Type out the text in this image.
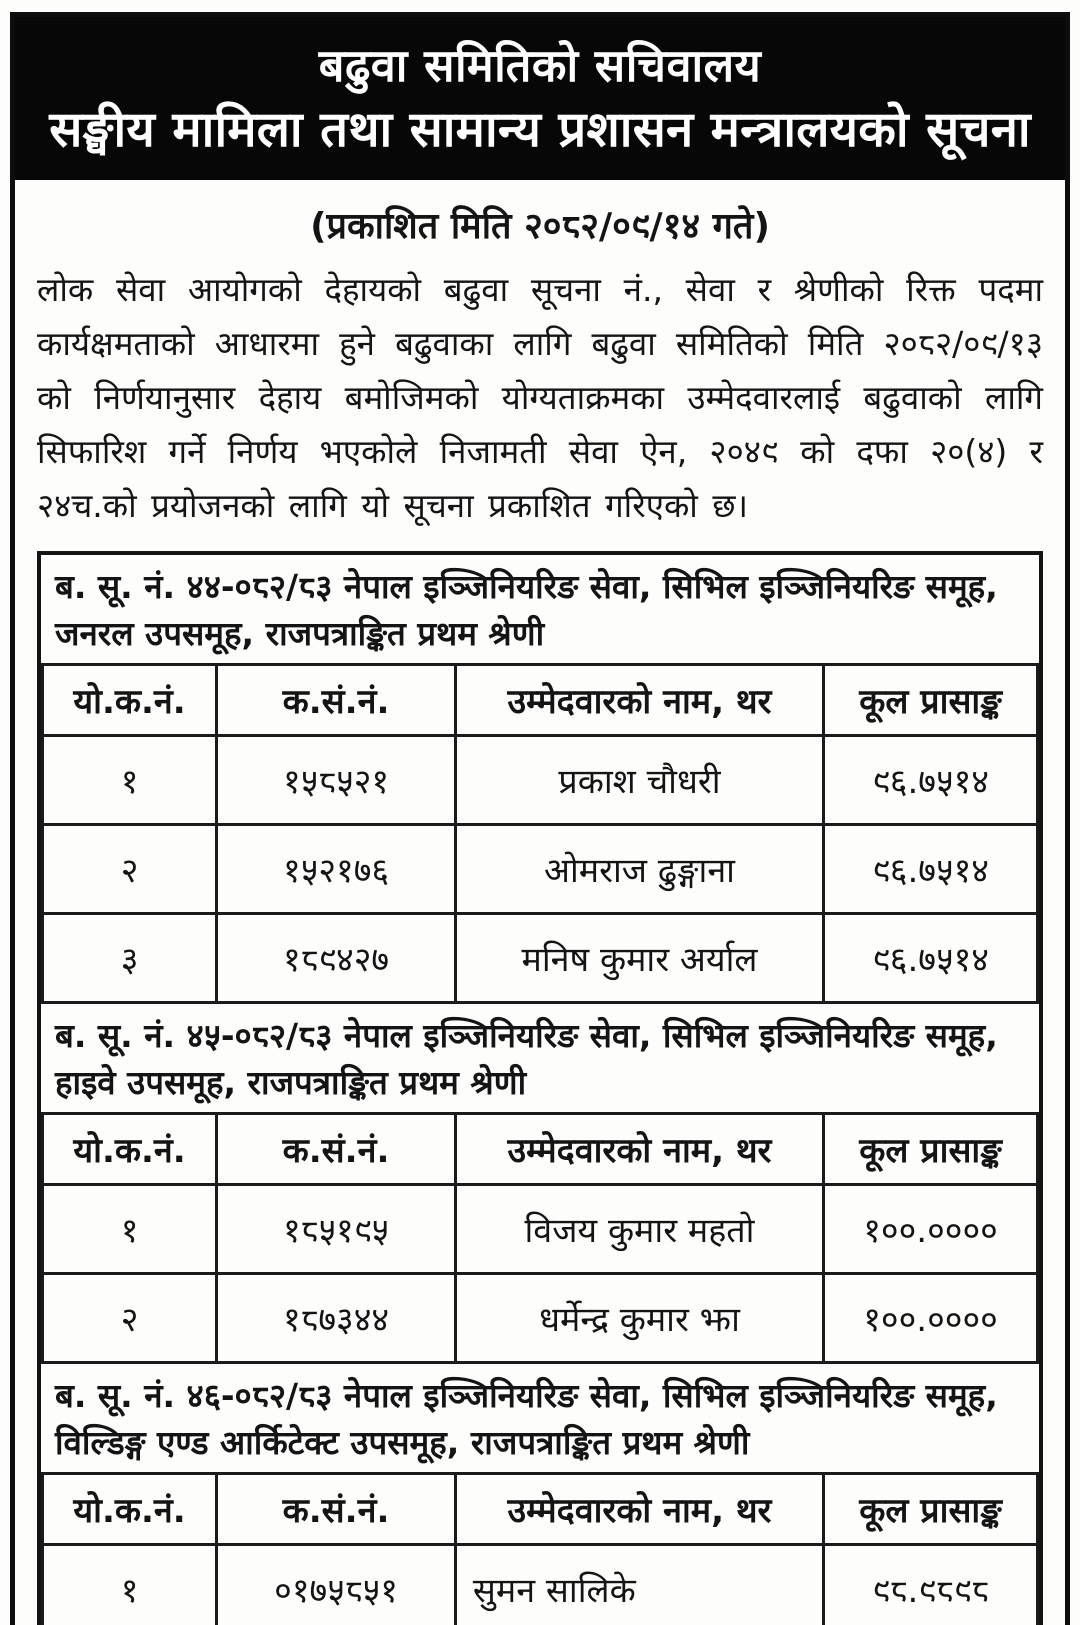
बढुवा समितिको सचिवालय
सङ्घीय मामिला तथा सामान्य प्रशासन मन्त्रालयको सूचना
(प्रकाशित मिति २०८२/०९/१४ गते)

लोक सेवा आयोगको देहायको बढुवा सूचना नं., सेवा र श्रेणीको रिक्त पदमा कार्यक्षमताको आधारमा हुने बढुवाका लागि बढुवा समितिको मिति २०८२/०९/१३ को निर्णयानुसार देहाय बमोजिमको योग्यताक्रमका उम्मेदवारलाई बढुवाको लागि सिफारिश गर्ने निर्णय भएकोले निजामती सेवा ऐन, २०४९ को दफा २०(४) र २४च.को प्रयोजनको लागि यो सूचना प्रकाशित गरिएको छ।

ब. सू. नं. ४४-०८२/८३ नेपाल इञ्जिनियरिङ सेवा, सिभिल इञ्जिनियरिङ समूह, जनरल उपसमूह, राजपत्राङ्कित प्रथम श्रेणी
यो.क.नं.	क.सं.नं.	उम्मेदवारको नाम, थर	कूल प्रासाङ्क
१	१५८५२१	प्रकाश चौधरी	९६.७५१४
२	१५२१७६	ओमराज ढुङ्गाना	९६.७५१४
३	१८९४२७	मनिष कुमार अर्याल	९६.७५१४
ब. सू. नं. ४५-०८२/८३ नेपाल इञ्जिनियरिङ सेवा, सिभिल इञ्जिनियरिङ समूह, हाइवे उपसमूह, राजपत्राङ्कित प्रथम श्रेणी
यो.क.नं.	क.सं.नं.	उम्मेदवारको नाम, थर	कूल प्रासाङ्क
१	१८५१९५	विजय कुमार महतो	१००.००००
२	१८७३४४	धर्मेन्द्र कुमार झा	१००.००००
ब. सू. नं. ४६-०८२/८३ नेपाल इञ्जिनियरिङ सेवा, सिभिल इञ्जिनियरिङ समूह, विल्डिङ्ग एण्ड आर्किटेक्ट उपसमूह, राजपत्राङ्कित प्रथम श्रेणी
यो.क.नं.	क.सं.नं.	उम्मेदवारको नाम, थर	कूल प्रासाङ्क
१	०१७५८५१	सुमन सालिके	९८.९८९८
